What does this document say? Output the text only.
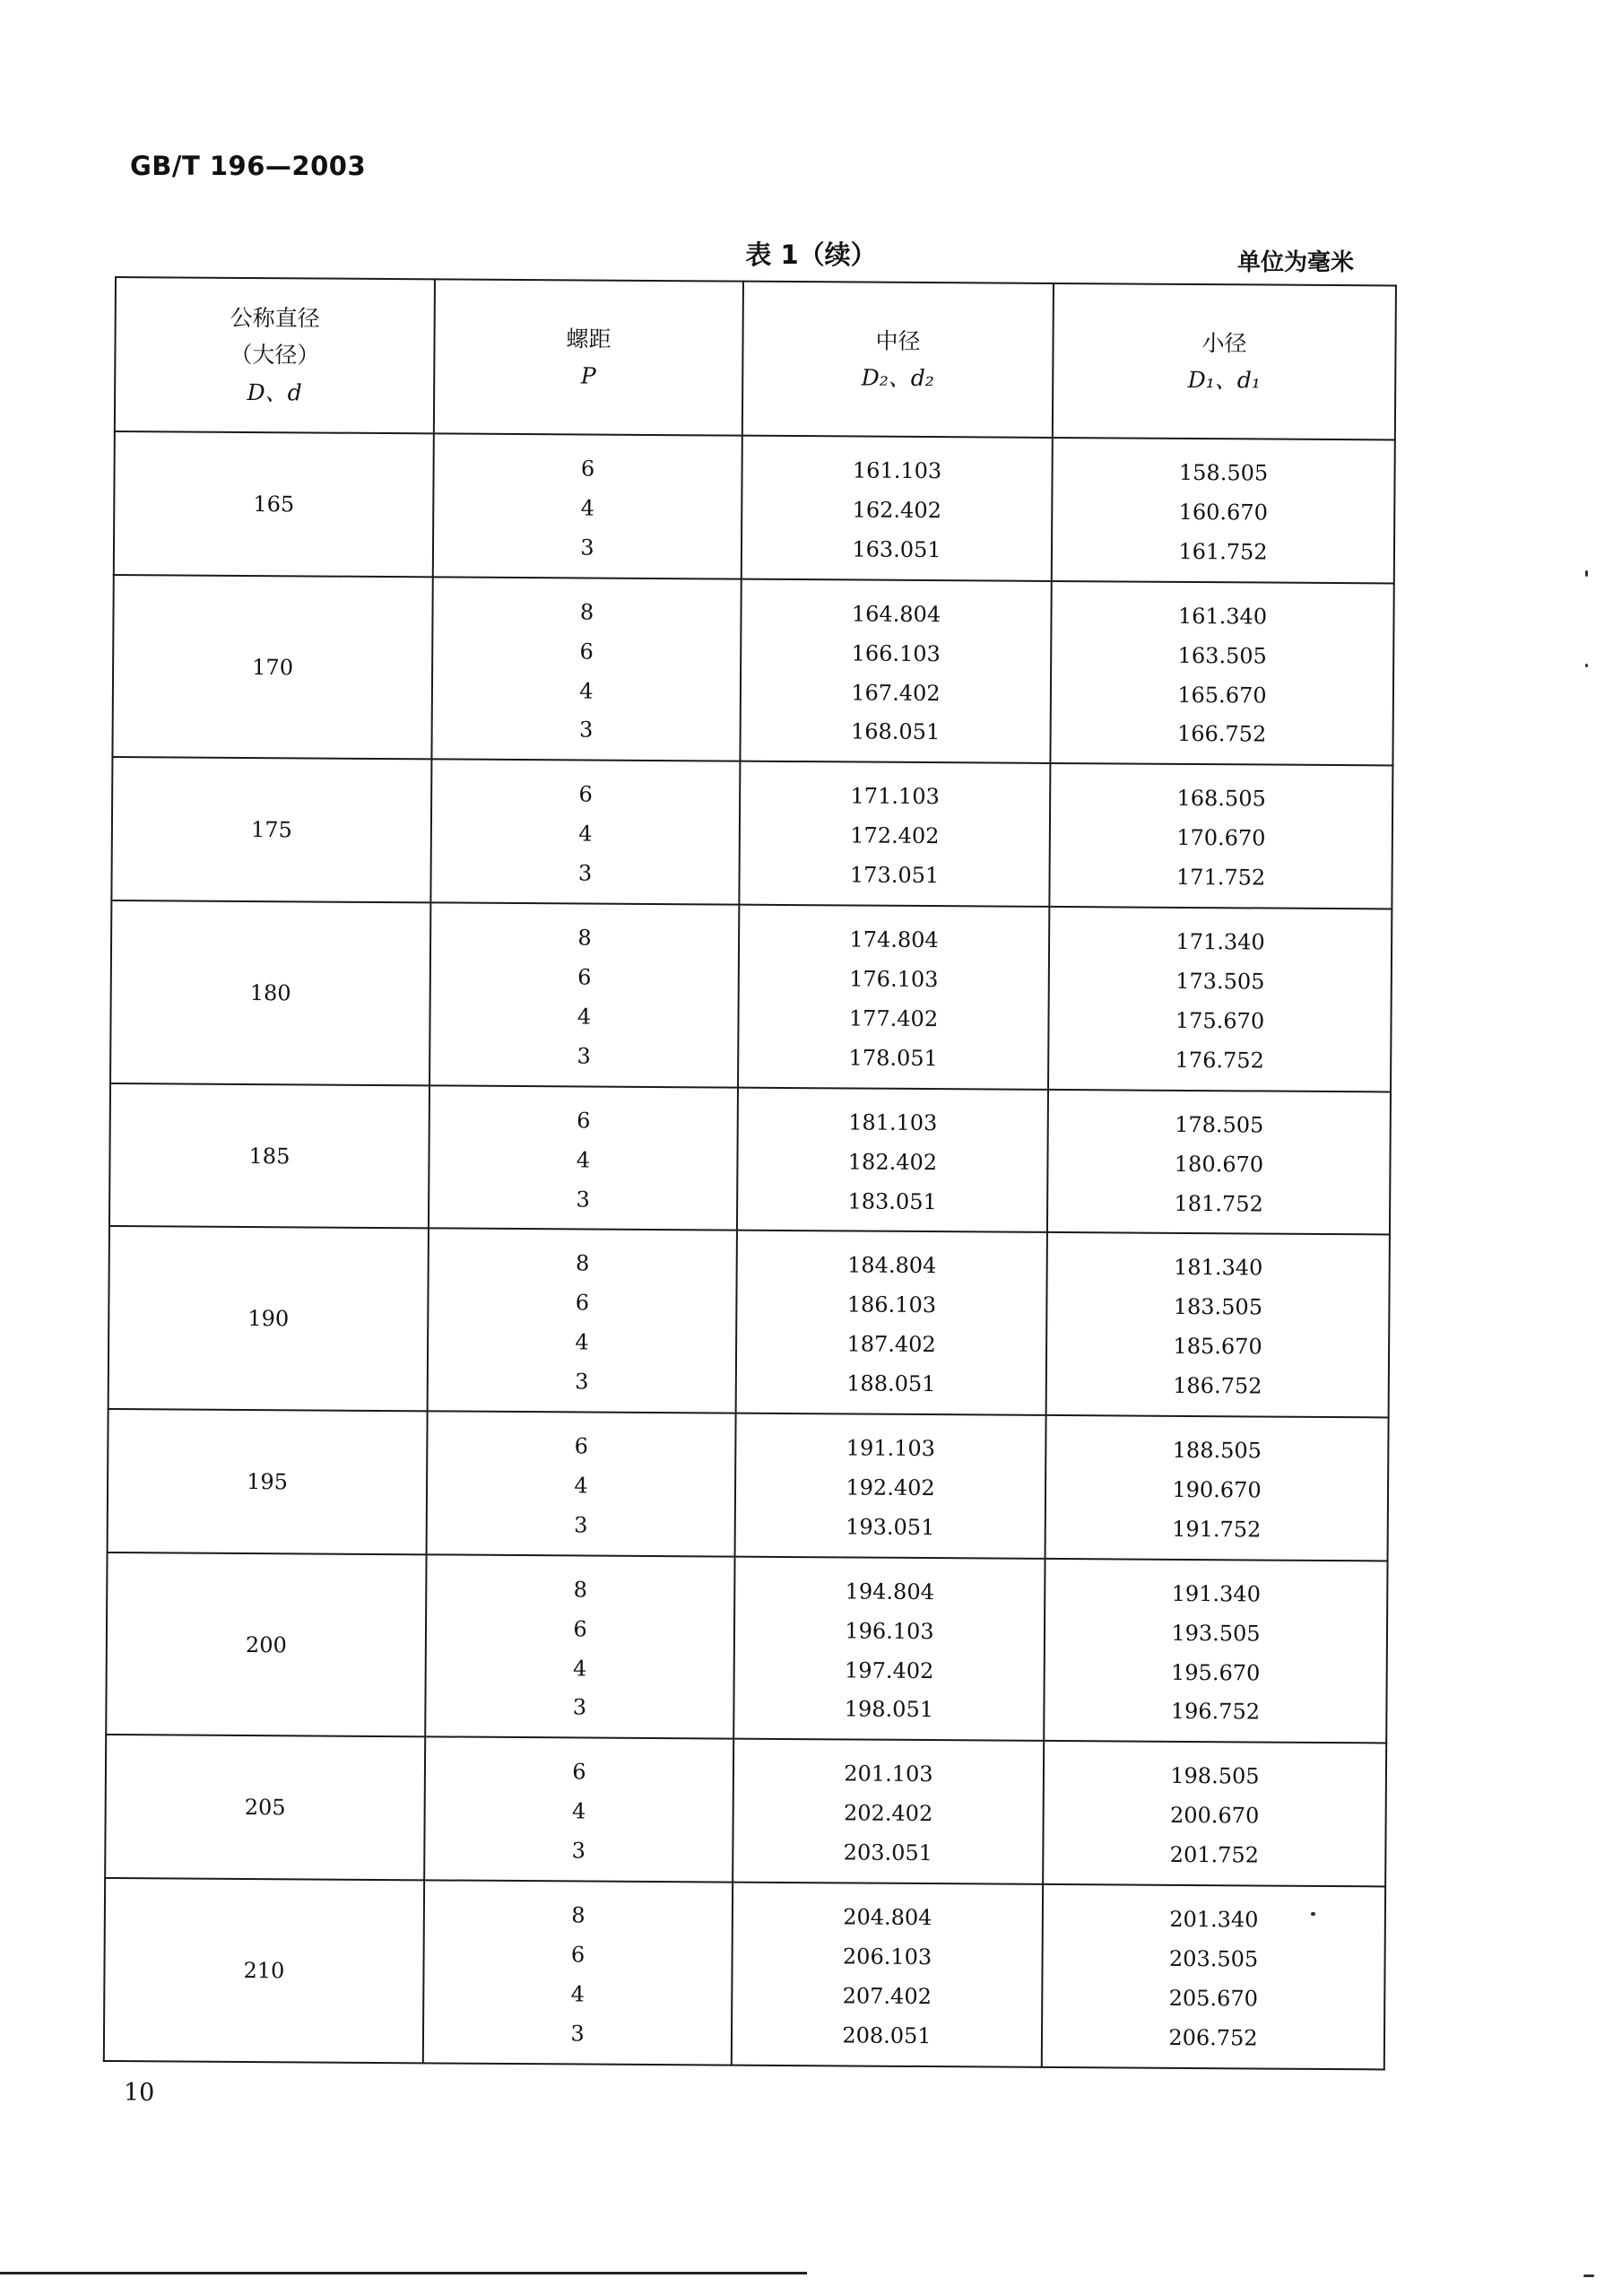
GB/T 196—2003
表 1（续）	单位为毫米
公称直径
（大径）
D、d	螺距
P	中径
D₂、d₂	小径
D₁、d₁

165	6
4
3	161.103
162.402
163.051	158.505
160.670
161.752

170	8
6
4
3	164.804
166.103
167.402
168.051	161.340
163.505
165.670
166.752

175	6
4
3	171.103
172.402
173.051	168.505
170.670
171.752

180	8
6
4
3	174.804
176.103
177.402
178.051	171.340
173.505
175.670
176.752

185	6
4
3	181.103
182.402
183.051	178.505
180.670
181.752

190	8
6
4
3	184.804
186.103
187.402
188.051	181.340
183.505
185.670
186.752

195	6
4
3	191.103
192.402
193.051	188.505
190.670
191.752

200	8
6
4
3	194.804
196.103
197.402
198.051	191.340
193.505
195.670
196.752

205	6
4
3	201.103
202.402
203.051	198.505
200.670
201.752

210	8
6
4
3	204.804
206.103
207.402
208.051	201.340
203.505
205.670
206.752
10
